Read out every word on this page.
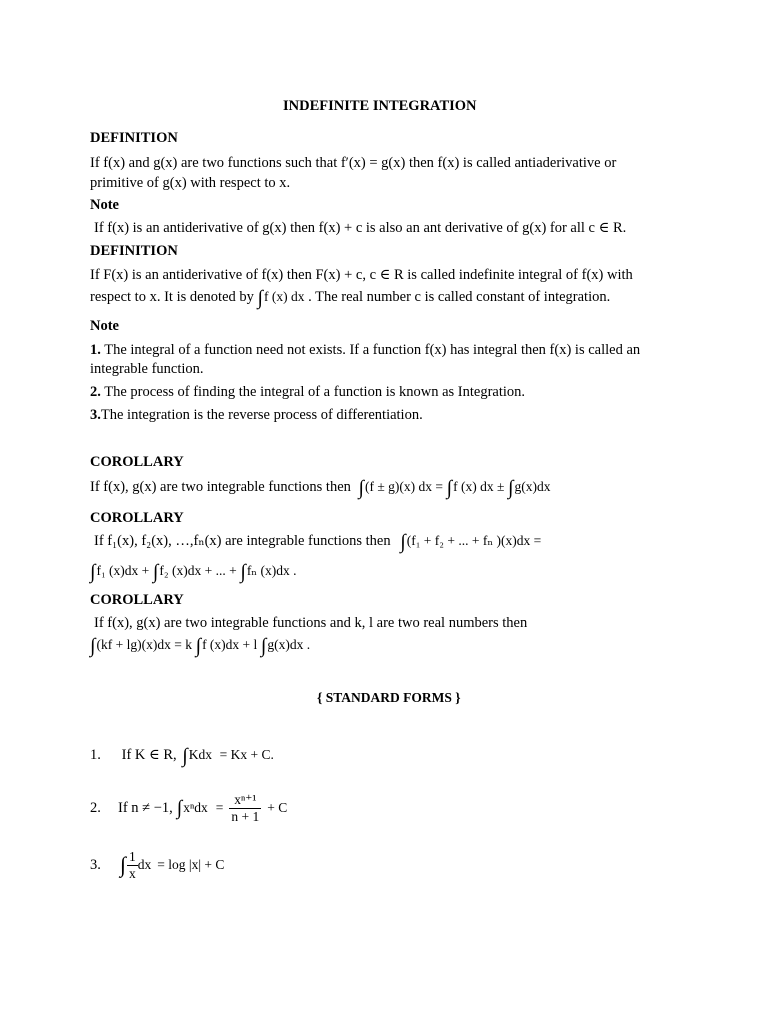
INDEFINITE INTEGRATION
DEFINITION
If f(x) and g(x) are two functions such that f′(x) = g(x) then f(x) is called antiaderivative or
primitive of g(x) with respect to x.
Note
If f(x) is an antiderivative of g(x) then f(x) + c is also an ant derivative of g(x) for all c ∈ R.
DEFINITION
If F(x) is an antiderivative of f(x) then F(x) + c, c ∈ R is called indefinite integral of f(x) with
respect to x. It is denoted by ∫f (x) dx . The real number c is called constant of integration.
Note
1. The integral of a function need not exists. If a function f(x) has integral then f(x) is called an
integrable function.
2. The process of finding the integral of a function is known as Integration.
3.The integration is the reverse process of differentiation.
COROLLARY
If f(x), g(x) are two integrable functions then ∫(f ± g)(x) dx = ∫f (x) dx ± ∫g(x)dx
COROLLARY
If f₁(x), f₂(x), …,fₙ(x) are integrable functions then ∫(f₁ + f₂ + ... + fₙ )(x)dx =
∫f₁ (x)dx + ∫f₂ (x)dx + ... + ∫fₙ (x)dx .
COROLLARY
If f(x), g(x) are two integrable functions and k, l are two real numbers then
∫(kf + lg)(x)dx = k ∫f (x)dx + l ∫g(x)dx .
{ STANDARD FORMS }
1. If K ∈ R, ∫Kdx = Kx + C.
2.	If n ≠ −1, ∫ $x^ndx = \frac{\text{xⁿ⁺¹}}{n + 1} + C$
3. ∫ $\frac{1}{x}$ dx = log |x| + C
